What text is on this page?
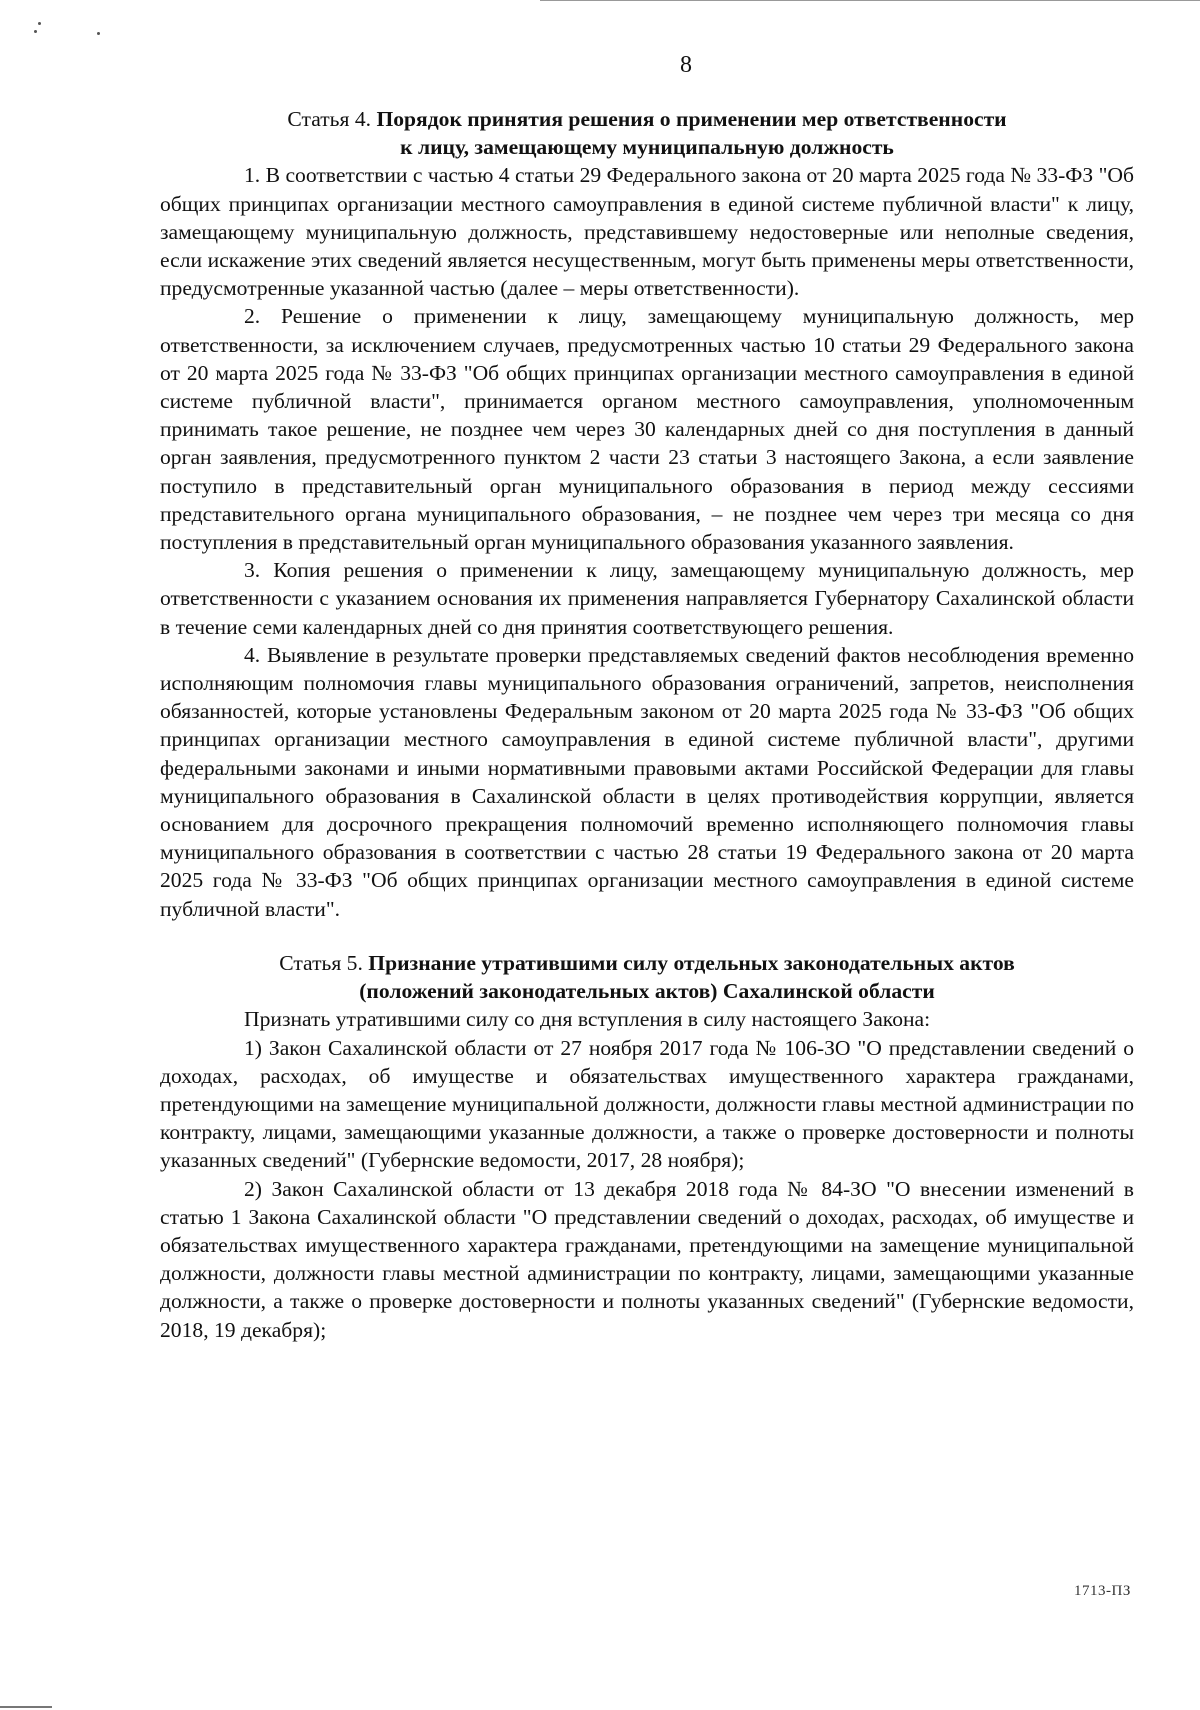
8
Статья 4. Порядок принятия решения о применении мер ответственности
к лицу, замещающему муниципальную должность

1. В соответствии с частью 4 статьи 29 Федерального закона от 20 марта 2025 года № 33-ФЗ "Об общих принципах организации местного самоуправления в единой системе публичной власти" к лицу, замещающему муниципальную должность, представившему недостоверные или неполные сведения, если искажение этих сведений является несущественным, могут быть применены меры ответственности, предусмотренные указанной частью (далее – меры ответственности).

2. Решение о применении к лицу, замещающему муниципальную должность, мер ответственности, за исключением случаев, предусмотренных частью 10 статьи 29 Федерального закона от 20 марта 2025 года № 33-ФЗ "Об общих принципах организации местного самоуправления в единой системе публичной власти", принимается органом местного самоуправления, уполномоченным принимать такое решение, не позднее чем через 30 календарных дней со дня поступления в данный орган заявления, предусмотренного пунктом 2 части 23 статьи 3 настоящего Закона, а если заявление поступило в представительный орган муниципального образования в период между сессиями представительного органа муниципального образования, – не позднее чем через три месяца со дня поступления в представительный орган муниципального образования указанного заявления.

3. Копия решения о применении к лицу, замещающему муниципальную должность, мер ответственности с указанием основания их применения направляется Губернатору Сахалинской области в течение семи календарных дней со дня принятия соответствующего решения.

4. Выявление в результате проверки представляемых сведений фактов несоблюдения временно исполняющим полномочия главы муниципального образования ограничений, запретов, неисполнения обязанностей, которые установлены Федеральным законом от 20 марта 2025 года № 33-ФЗ "Об общих принципах организации местного самоуправления в единой системе публичной власти", другими федеральными законами и иными нормативными правовыми актами Российской Федерации для главы муниципального образования в Сахалинской области в целях противодействия коррупции, является основанием для досрочного прекращения полномочий временно исполняющего полномочия главы муниципального образования в соответствии с частью 28 статьи 19 Федерального закона от 20 марта 2025 года № 33-ФЗ "Об общих принципах организации местного самоуправления в единой системе публичной власти".

Статья 5. Признание утратившими силу отдельных законодательных актов
(положений законодательных актов) Сахалинской области

Признать утратившими силу со дня вступления в силу настоящего Закона:

1) Закон Сахалинской области от 27 ноября 2017 года № 106-ЗО "О представлении сведений о доходах, расходах, об имуществе и обязательствах имущественного характера гражданами, претендующими на замещение муниципальной должности, должности главы местной администрации по контракту, лицами, замещающими указанные должности, а также о проверке достоверности и полноты указанных сведений" (Губернские ведомости, 2017, 28 ноября);

2) Закон Сахалинской области от 13 декабря 2018 года № 84-ЗО "О внесении изменений в статью 1 Закона Сахалинской области "О представлении сведений о доходах, расходах, об имуществе и обязательствах имущественного характера гражданами, претендующими на замещение муниципальной должности, должности главы местной администрации по контракту, лицами, замещающими указанные должности, а также о проверке достоверности и полноты указанных сведений" (Губернские ведомости, 2018, 19 декабря);

1713-ПЗ
